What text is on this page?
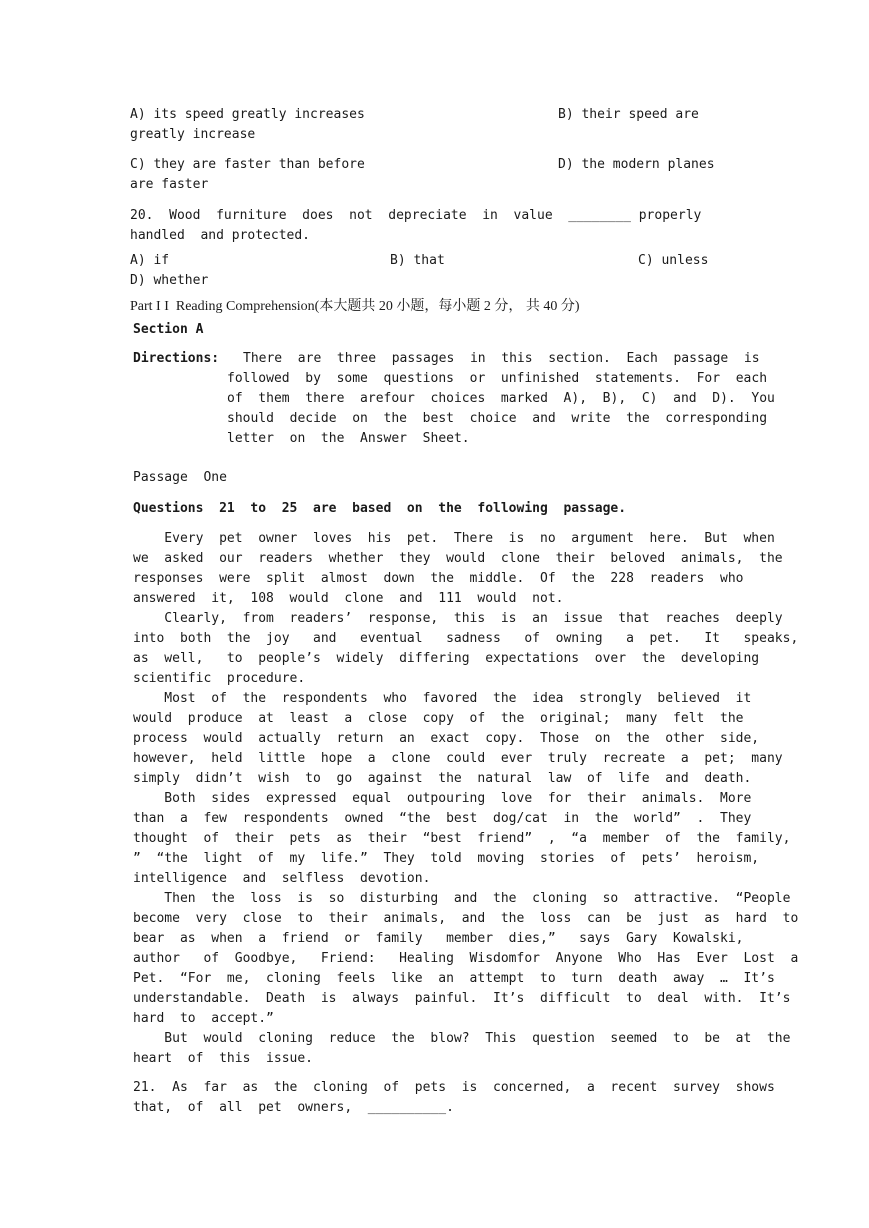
A) its speed greatly increases	B) their speed are
greatly increase
C) they are faster than before	D) the modern planes
are faster
20.  Wood  furniture  does  not  depreciate  in  value  ________ properly
handled  and protected.
A) if	B) that	C) unless
D) whether
Part I I  Reading Comprehension(本大题共 20 小题，每小题 2 分， 共 40 分)
Section A
Directions: There  are  three  passages  in  this  section.  Each  passage  is
followed  by  some  questions  or  unfinished  statements.  For  each
of  them  there  arefour  choices  marked  A),  B),  C)  and  D).  You
should  decide  on  the  best  choice  and  write  the  corresponding
letter  on  the  Answer  Sheet.
Passage  One
Questions  21  to  25  are  based  on  the  following  passage.
Every  pet  owner  loves  his  pet.  There  is  no  argument  here.  But  when
we  asked  our  readers  whether  they  would  clone  their  beloved  animals,  the
responses  were  split  almost  down  the  middle.  Of  the  228  readers  who
answered  it,  108  would  clone  and  111  would  not.
Clearly,  from  readers’  response,  this  is  an  issue  that  reaches  deeply
into  both  the  joy   and   eventual   sadness   of  owning   a  pet.   It   speaks,
as  well,   to  people’s  widely  differing  expectations  over  the  developing
scientific  procedure.
Most  of  the  respondents  who  favored  the  idea  strongly  believed  it
would  produce  at  least  a  close  copy  of  the  original;  many  felt  the
process  would  actually  return  an  exact  copy.  Those  on  the  other  side,
however,  held  little  hope  a  clone  could  ever  truly  recreate  a  pet;  many
simply  didn’t  wish  to  go  against  the  natural  law  of  life  and  death.
Both  sides  expressed  equal  outpouring  love  for  their  animals.  More
than  a  few  respondents  owned  “the  best  dog/cat  in  the  world”  .  They
thought  of  their  pets  as  their  “best  friend”  ,  “a  member  of  the  family,
”  “the  light  of  my  life.”  They  told  moving  stories  of  pets’  heroism,
intelligence  and  selfless  devotion.
Then  the  loss  is  so  disturbing  and  the  cloning  so  attractive.  “People
become  very  close  to  their  animals,  and  the  loss  can  be  just  as  hard  to
bear  as  when  a  friend  or  family   member  dies,”   says  Gary  Kowalski,
author   of  Goodbye,   Friend:   Healing  Wisdomfor  Anyone  Who  Has  Ever  Lost  a
Pet.  “For  me,  cloning  feels  like  an  attempt  to  turn  death  away  …  It’s
understandable.  Death  is  always  painful.  It’s  difficult  to  deal  with.  It’s
hard  to  accept.”
But  would  cloning  reduce  the  blow?  This  question  seemed  to  be  at  the
heart  of  this  issue.
21.  As  far  as  the  cloning  of  pets  is  concerned,  a  recent  survey  shows
that,  of  all  pet  owners,  __________.
